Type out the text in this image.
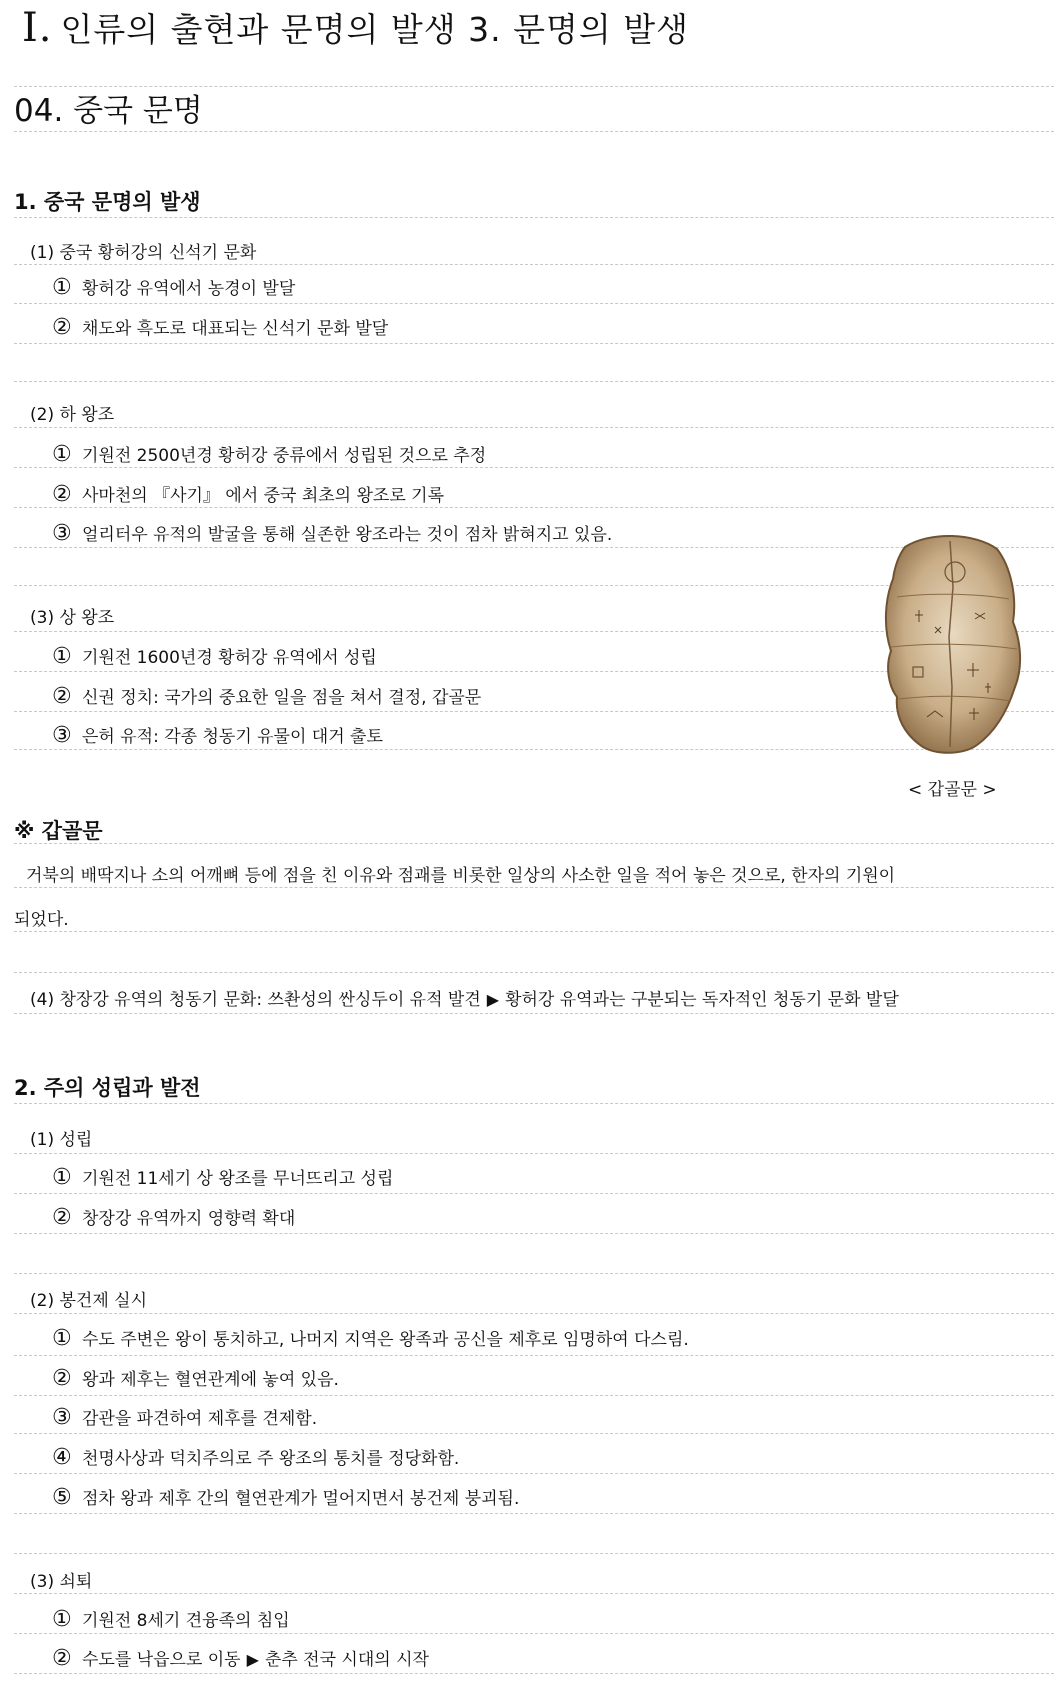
Ⅰ. 인류의 출현과 문명의 발생 3. 문명의 발생
04. 중국 문명
1. 중국 문명의 발생
(1) 중국 황허강의 신석기 문화
① 황허강 유역에서 농경이 발달
② 채도와 흑도로 대표되는 신석기 문화 발달
(2) 하 왕조
① 기원전 2500년경 황허강 중류에서 성립된 것으로 추정
② 사마천의 『사기』 에서 중국 최초의 왕조로 기록
③ 얼리터우 유적의 발굴을 통해 실존한 왕조라는 것이 점차 밝혀지고 있음.
(3) 상 왕조
① 기원전 1600년경 황허강 유역에서 성립
② 신권 정치: 국가의 중요한 일을 점을 쳐서 결정, 갑골문
③ 은허 유적: 각종 청동기 유물이 대거 출토
< 갑골문 >
※ 갑골문
거북의 배딱지나 소의 어깨뼈 등에 점을 친 이유와 점괘를 비롯한 일상의 사소한 일을 적어 놓은 것으로, 한자의 기원이
되었다.
(4) 창장강 유역의 청동기 문화: 쓰촨성의 싼싱두이 유적 발견 ▶ 황허강 유역과는 구분되는 독자적인 청동기 문화 발달
2. 주의 성립과 발전
(1) 성립
① 기원전 11세기 상 왕조를 무너뜨리고 성립
② 창장강 유역까지 영향력 확대
(2) 봉건제 실시
① 수도 주변은 왕이 통치하고, 나머지 지역은 왕족과 공신을 제후로 임명하여 다스림.
② 왕과 제후는 혈연관계에 놓여 있음.
③ 감관을 파견하여 제후를 견제함.
④ 천명사상과 덕치주의로 주 왕조의 통치를 정당화함.
⑤ 점차 왕과 제후 간의 혈연관계가 멀어지면서 봉건제 붕괴됨.
(3) 쇠퇴
① 기원전 8세기 견융족의 침입
② 수도를 낙읍으로 이동 ▶ 춘추 전국 시대의 시작
